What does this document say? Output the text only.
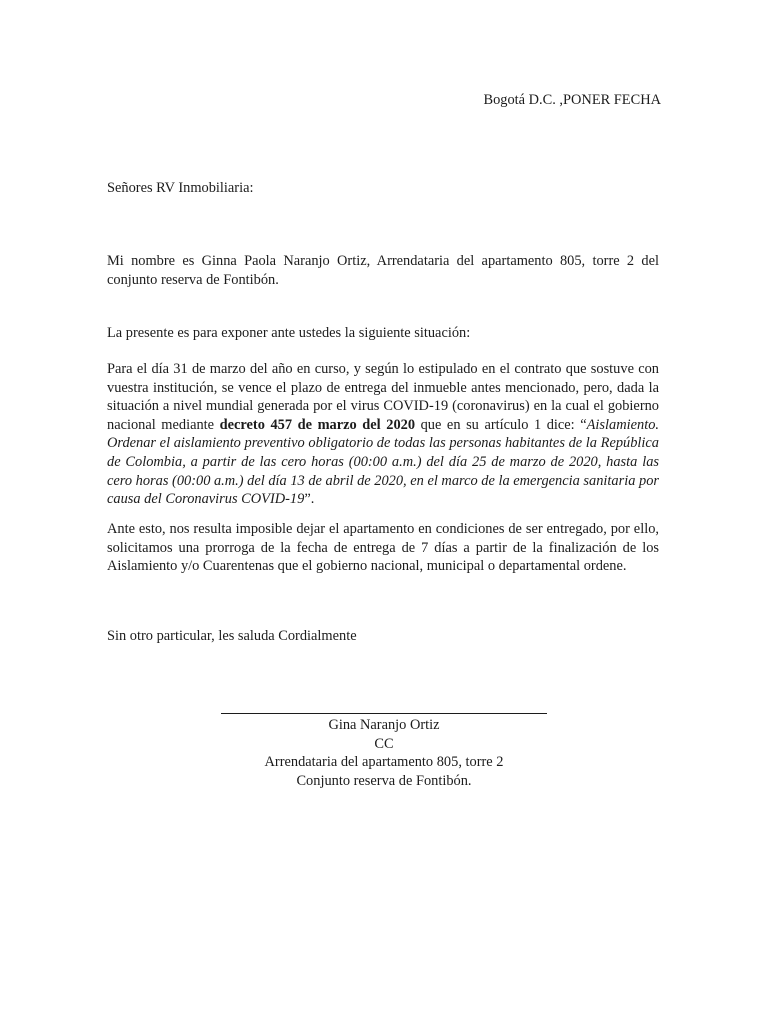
Bogotá D.C. ,PONER FECHA
Señores RV Inmobiliaria:
Mi nombre es Ginna Paola Naranjo Ortiz, Arrendataria del apartamento 805, torre 2 del conjunto reserva de Fontibón.
La presente es para exponer ante ustedes la siguiente situación:
Para el día 31 de marzo del año en curso, y según lo estipulado en el contrato que sostuve con vuestra institución, se vence el plazo de entrega del inmueble antes mencionado, pero, dada la situación a nivel mundial generada por el virus COVID-19 (coronavirus) en la cual el gobierno nacional mediante decreto 457 de marzo del 2020 que en su artículo 1 dice: “Aislamiento. Ordenar el aislamiento preventivo obligatorio de todas las personas habitantes de la República de Colombia, a partir de las cero horas (00:00 a.m.) del día 25 de marzo de 2020, hasta las cero horas (00:00 a.m.) del día 13 de abril de 2020, en el marco de la emergencia sanitaria por causa del Coronavirus COVID-19”.
Ante esto, nos resulta imposible dejar el apartamento en condiciones de ser entregado, por ello, solicitamos una prorroga de la fecha de entrega de 7 días a partir de la finalización de los Aislamiento y/o Cuarentenas que el gobierno nacional, municipal o departamental ordene.
Sin otro particular, les saluda Cordialmente
Gina Naranjo Ortiz
CC
Arrendataria del apartamento 805, torre 2
Conjunto reserva de Fontibón.
